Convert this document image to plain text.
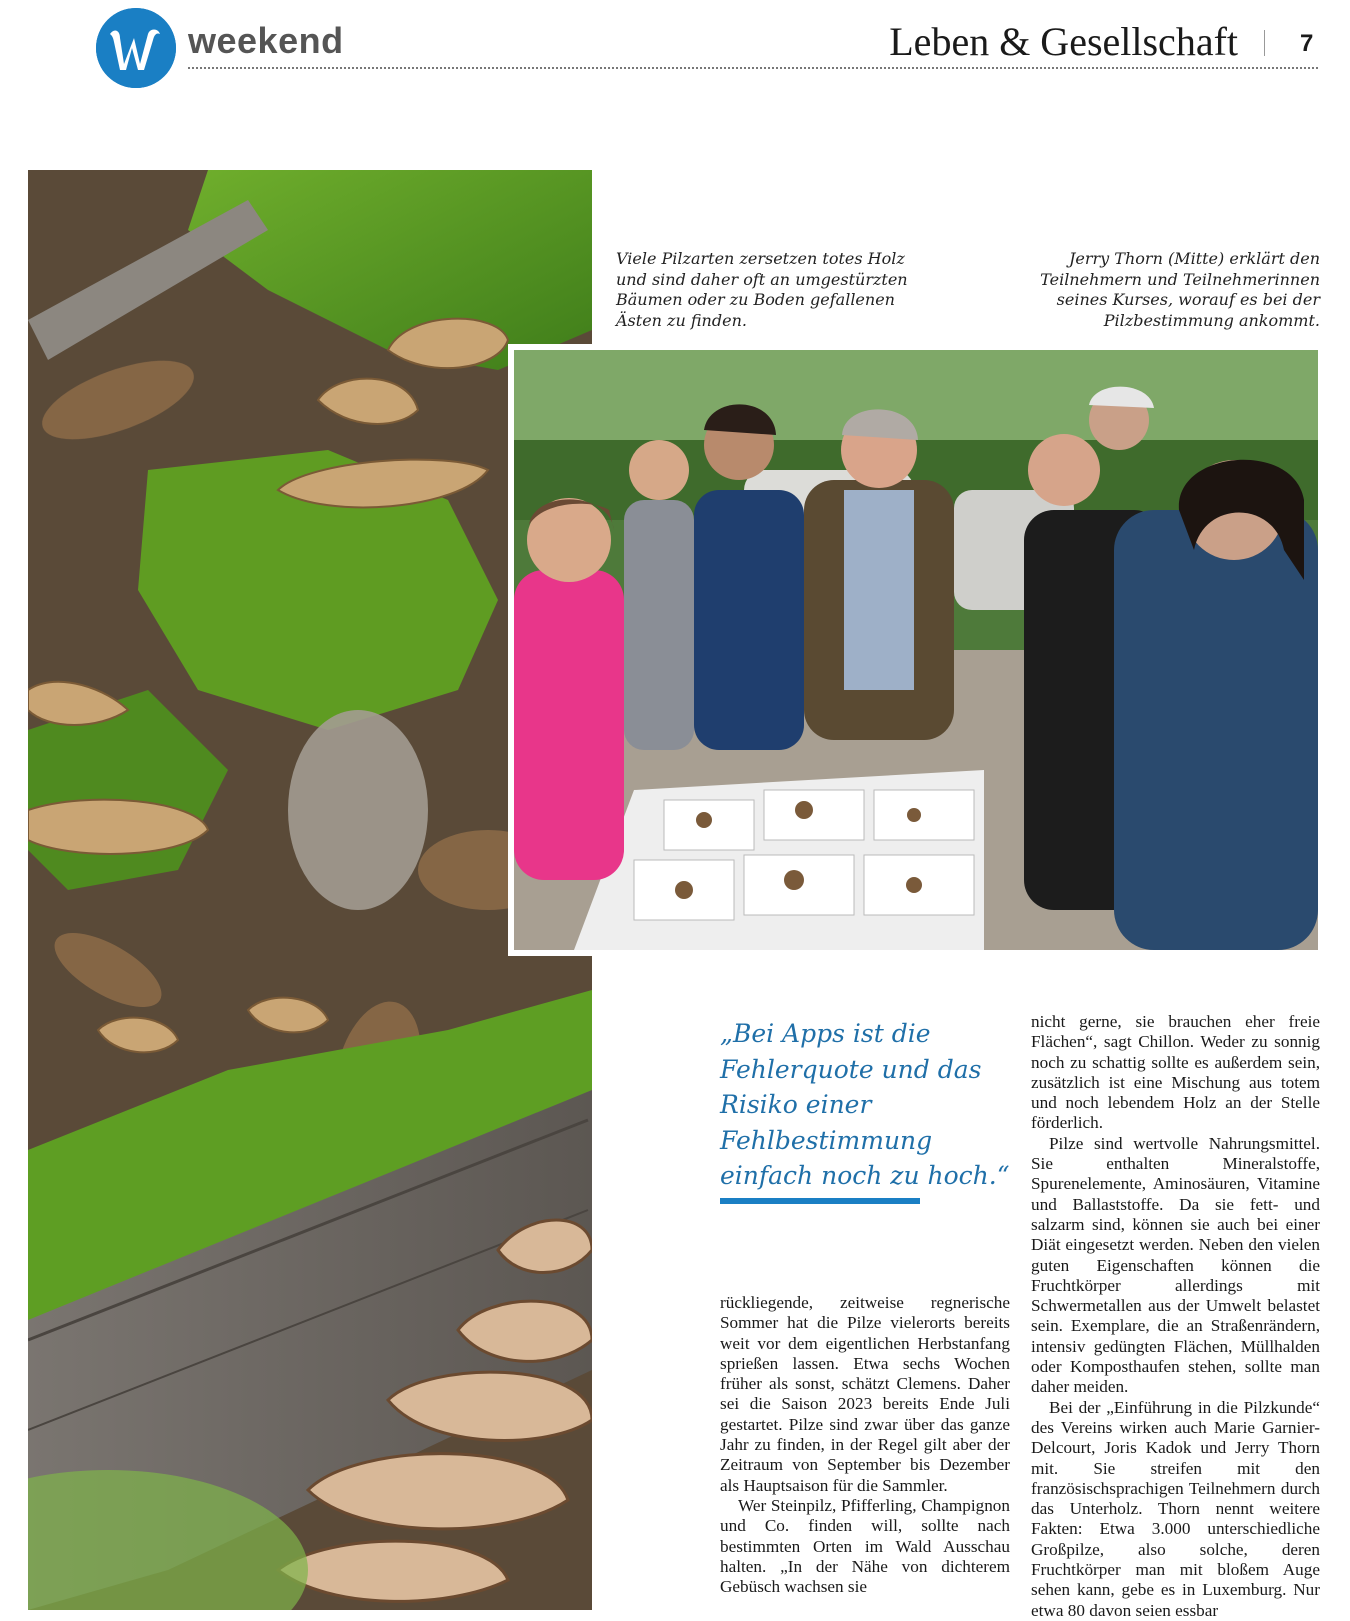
weekend	Leben & Gesellschaft	7
Viele Pilzarten zersetzen totes Holz und sind daher oft an umgestürzten Bäumen oder zu Boden gefallenen Ästen zu finden.
Jerry Thorn (Mitte) erklärt den Teilnehmern und Teilnehmerinnen seines Kurses, worauf es bei der Pilzbestimmung ankommt.
„Bei Apps ist die Fehlerquote und das Risiko einer Fehlbestimmung einfach noch zu hoch.“

rückliegende, zeitweise regnerische Sommer hat die Pilze vielerorts bereits weit vor dem eigentlichen Herbstanfang sprießen lassen. Etwa sechs Wochen früher als sonst, schätzt Clemens. Daher sei die Saison 2023 bereits Ende Juli gestartet. Pilze sind zwar über das ganze Jahr zu finden, in der Regel gilt aber der Zeitraum von September bis Dezember als Hauptsaison für die Sammler.

Wer Steinpilz, Pfifferling, Champignon und Co. finden will, sollte nach bestimmten Orten im Wald Ausschau halten. „In der Nähe von dichterem Gebüsch wachsen sie

nicht gerne, sie brauchen eher freie Flächen“, sagt Chillon. Weder zu sonnig noch zu schattig sollte es außerdem sein, zusätzlich ist eine Mischung aus totem und noch lebendem Holz an der Stelle förderlich.

Pilze sind wertvolle Nahrungsmittel. Sie enthalten Mineralstoffe, Spurenelemente, Aminosäuren, Vitamine und Ballaststoffe. Da sie fett- und salzarm sind, können sie auch bei einer Diät eingesetzt werden. Neben den vielen guten Eigenschaften können die Fruchtkörper allerdings mit Schwermetallen aus der Umwelt belastet sein. Exemplare, die an Straßenrändern, intensiv gedüngten Flächen, Müllhalden oder Komposthaufen stehen, sollte man daher meiden.

Bei der „Einführung in die Pilzkunde“ des Vereins wirken auch Marie Garnier-Delcourt, Joris Kadok und Jerry Thorn mit. Sie streifen mit den französischsprachigen Teilnehmern durch das Unterholz. Thorn nennt weitere Fakten: Etwa 3.000 unterschiedliche Großpilze, also solche, deren Fruchtkörper man mit bloßem Auge sehen kann, gebe es in Luxemburg. Nur etwa 80 davon seien essbar
